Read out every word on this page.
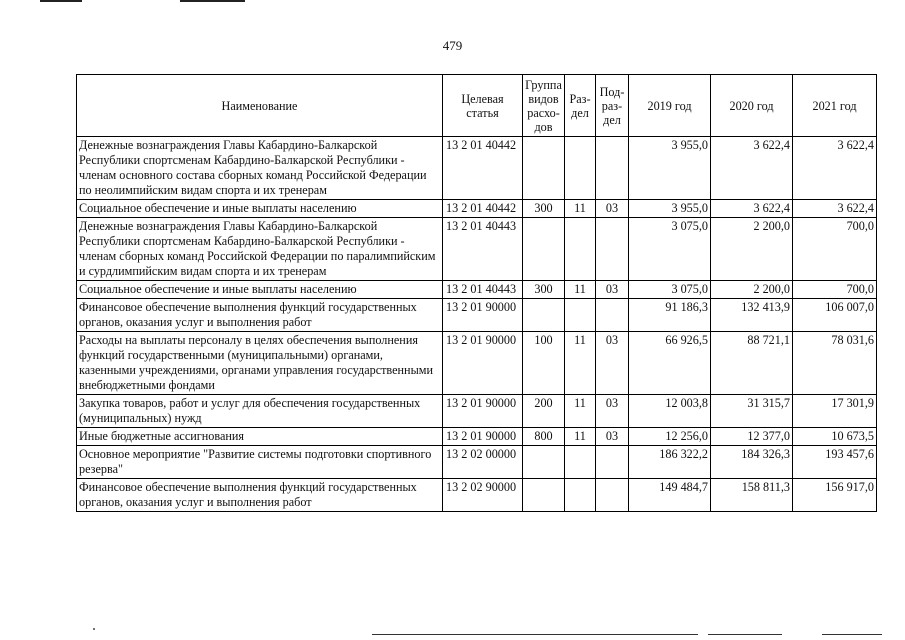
479
Наименование	Целевая статья	Группа видов расхо-дов	Раз-дел	Под-раз-дел	2019 год	2020 год	2021 год
Денежные вознаграждения Главы Кабардино-Балкарской Республики спортсменам Кабардино-Балкарской Республики - членам основного состава сборных команд Российской Федерации по неолимпийским видам спорта и их тренерам	13 2 01 40442				3 955,0	3 622,4	3 622,4
Социальное обеспечение и иные выплаты населению	13 2 01 40442	300	11	03	3 955,0	3 622,4	3 622,4
Денежные вознаграждения Главы Кабардино-Балкарской Республики спортсменам Кабардино-Балкарской Республики - членам сборных команд Российской Федерации по паралимпийским и сурдлимпийским видам спорта и их тренерам	13 2 01 40443				3 075,0	2 200,0	700,0
Социальное обеспечение и иные выплаты населению	13 2 01 40443	300	11	03	3 075,0	2 200,0	700,0
Финансовое обеспечение выполнения функций государственных органов, оказания услуг и выполнения работ	13 2 01 90000				91 186,3	132 413,9	106 007,0
Расходы на выплаты персоналу в целях обеспечения выполнения функций государственными (муниципальными) органами, казенными учреждениями, органами управления государственными внебюджетными фондами	13 2 01 90000	100	11	03	66 926,5	88 721,1	78 031,6
Закупка товаров, работ и услуг для обеспечения государственных (муниципальных) нужд	13 2 01 90000	200	11	03	12 003,8	31 315,7	17 301,9
Иные бюджетные ассигнования	13 2 01 90000	800	11	03	12 256,0	12 377,0	10 673,5
Основное мероприятие "Развитие системы подготовки спортивного резерва"	13 2 02 00000				186 322,2	184 326,3	193 457,6
Финансовое обеспечение выполнения функций государственных органов, оказания услуг и выполнения работ	13 2 02 90000				149 484,7	158 811,3	156 917,0
